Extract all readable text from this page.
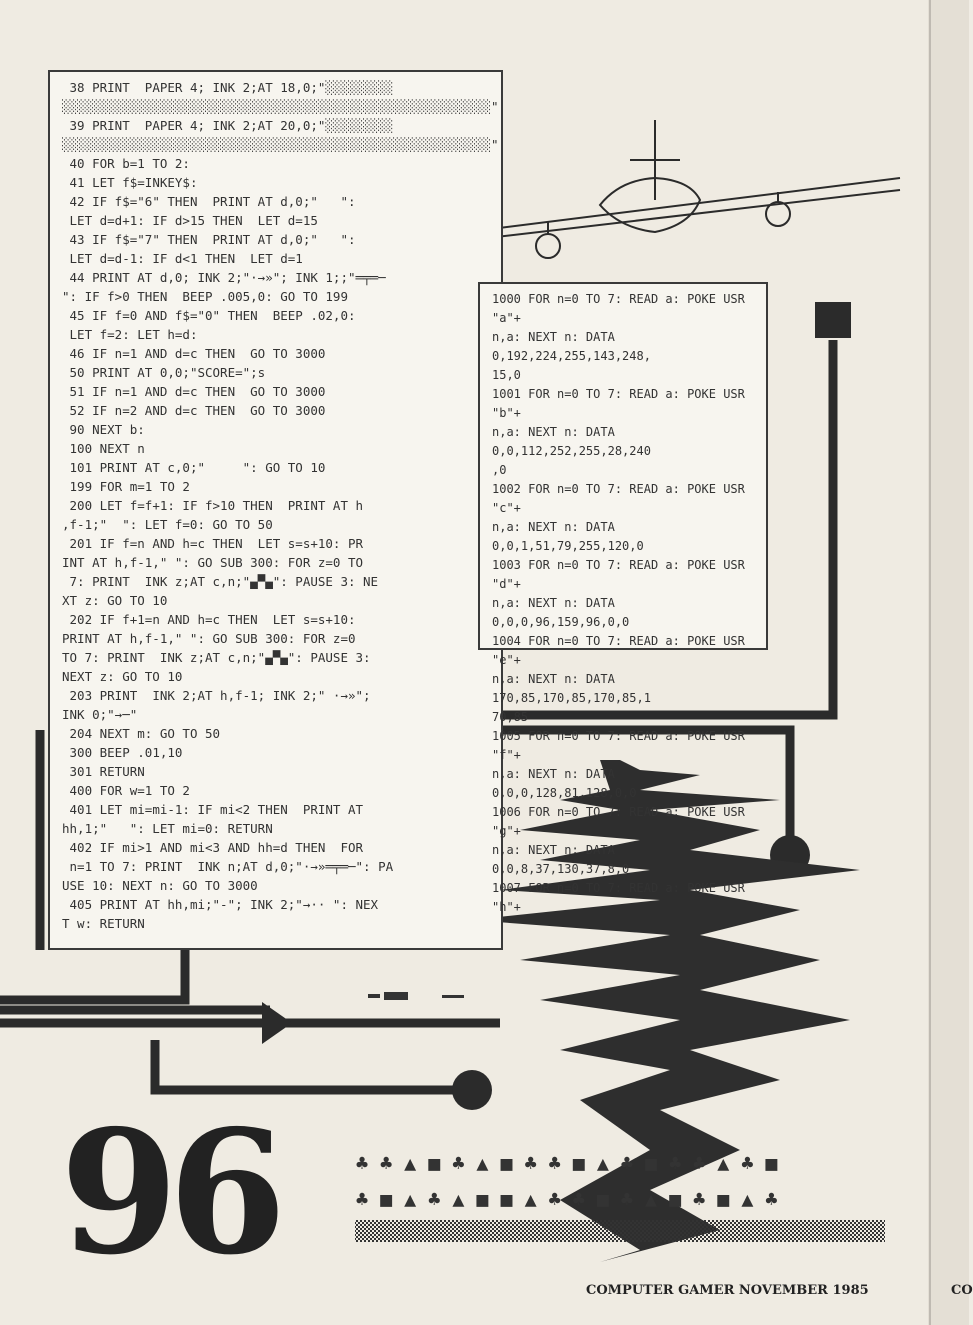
♣ ♣ ▲ ■ ♣ ▲ ■ ♣ ♣ ■ ▲ ♣ ■ ♣ ♣ ▲ ♣ ■
♣ ■ ▲ ♣ ▲ ■ ■ ▲ ♣ ♣ ■ ♣ ▲ ■ ♣ ■ ▲ ♣
38 PRINT  PAPER 4; INK 2;AT 18,0;"░░░░░░░░░
░░░░░░░░░░░░░░░░░░░░░░░░░░░░░░░░░░░░░░░░░░░░░░░░░░░░░░░░░"
39 PRINT  PAPER 4; INK 2;AT 20,0;"░░░░░░░░░
░░░░░░░░░░░░░░░░░░░░░░░░░░░░░░░░░░░░░░░░░░░░░░░░░░░░░░░░░"
40 FOR b=1 TO 2:
41 LET f$=INKEY$:
42 IF f$="6" THEN  PRINT AT d,0;"   ":
LET d=d+1: IF d>15 THEN  LET d=15
43 IF f$="7" THEN  PRINT AT d,0;"   ":
LET d=d-1: IF d<1 THEN  LET d=1
44 PRINT AT d,0; INK 2;"·→»"; INK 1;;"═╤═─
": IF f>0 THEN  BEEP .005,0: GO TO 199
45 IF f=0 AND f$="0" THEN  BEEP .02,0:
LET f=2: LET h=d:
46 IF n=1 AND d=c THEN  GO TO 3000
50 PRINT AT 0,0;"SCORE=";s
51 IF n=1 AND d=c THEN  GO TO 3000
52 IF n=2 AND d=c THEN  GO TO 3000
90 NEXT b:
100 NEXT n
101 PRINT AT c,0;"     ": GO TO 10
199 FOR m=1 TO 2
200 LET f=f+1: IF f>10 THEN  PRINT AT h
,f-1;"  ": LET f=0: GO TO 50
201 IF f=n AND h=c THEN  LET s=s+10: PR
INT AT h,f-1," ": GO SUB 300: FOR z=0 TO
7: PRINT  INK z;AT c,n;"▄▀▄": PAUSE 3: NE
XT z: GO TO 10
202 IF f+1=n AND h=c THEN  LET s=s+10:
PRINT AT h,f-1," ": GO SUB 300: FOR z=0
TO 7: PRINT  INK z;AT c,n;"▄▀▄": PAUSE 3:
NEXT z: GO TO 10
203 PRINT  INK 2;AT h,f-1; INK 2;" ·→»";
INK 0;"→─"
204 NEXT m: GO TO 50
300 BEEP .01,10
301 RETURN
400 FOR w=1 TO 2
401 LET mi=mi-1: IF mi<2 THEN  PRINT AT
hh,1;"   ": LET mi=0: RETURN
402 IF mi>1 AND mi<3 AND hh=d THEN  FOR
n=1 TO 7: PRINT  INK n;AT d,0;"·→»═╤═─": PA
USE 10: NEXT n: GO TO 3000
405 PRINT AT hh,mi;"-"; INK 2;"→·· ": NEX
T w: RETURN
1000 FOR n=0 TO 7: READ a: POKE USR "a"+
n,a: NEXT n: DATA 0,192,224,255,143,248,
15,0
1001 FOR n=0 TO 7: READ a: POKE USR "b"+
n,a: NEXT n: DATA 0,0,112,252,255,28,240
,0
1002 FOR n=0 TO 7: READ a: POKE USR "c"+
n,a: NEXT n: DATA 0,0,1,51,79,255,120,0
1003 FOR n=0 TO 7: READ a: POKE USR "d"+
n,a: NEXT n: DATA 0,0,0,96,159,96,0,0
1004 FOR n=0 TO 7: READ a: POKE USR "e"+
n,a: NEXT n: DATA 170,85,170,85,170,85,1
70,85
1005 FOR n=0 TO 7: READ a: POKE USR "f"+
n,a: NEXT n: DATA 0,0,0,128,81,128,0,0
1006 FOR n=0 TO 7: READ a: POKE USR "g"+
n,a: NEXT n: DATA 0,0,8,37,130,37,8,0
1007 FOR n=0 TO 7: READ a: POKE USR "h"+
96	COMPUTER GAMER NOVEMBER 1985	CO
